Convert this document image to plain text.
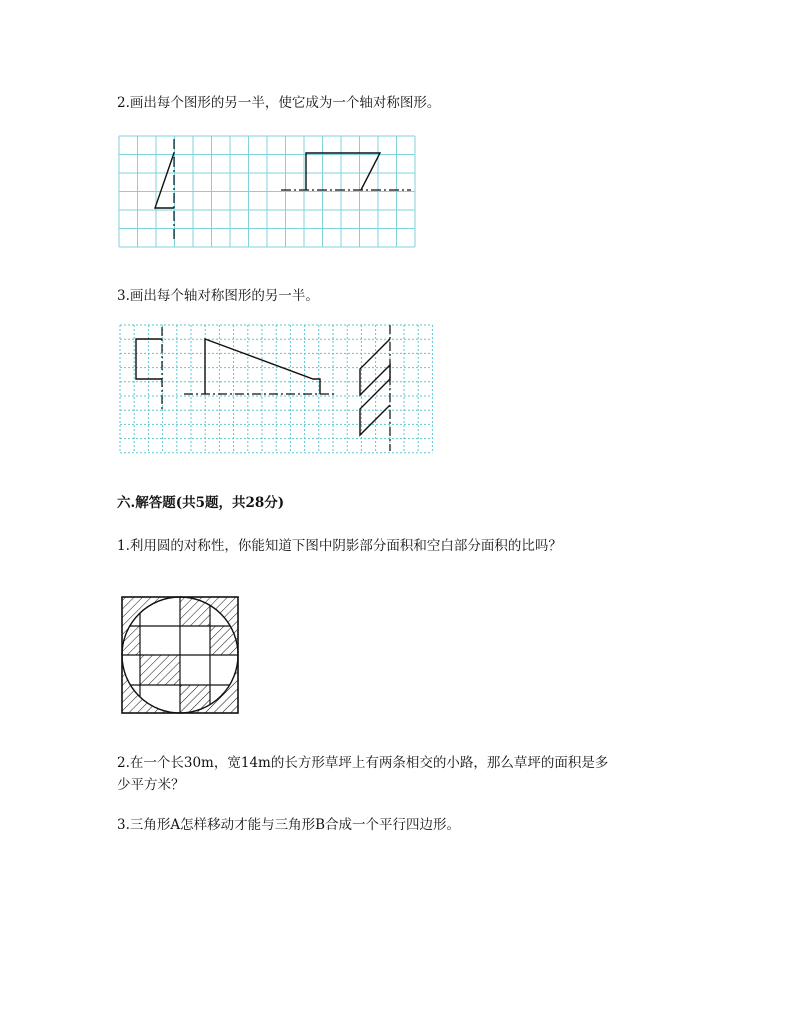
2.画出每个图形的另一半，使它成为一个轴对称图形。
3.画出每个轴对称图形的另一半。
六.解答题(共5题，共28分)
1.利用圆的对称性，你能知道下图中阴影部分面积和空白部分面积的比吗？
2.在一个长30m，宽14m的长方形草坪上有两条相交的小路，那么草坪的面积是多
少平方米？
3.三角形A怎样移动才能与三角形B合成一个平行四边形。
